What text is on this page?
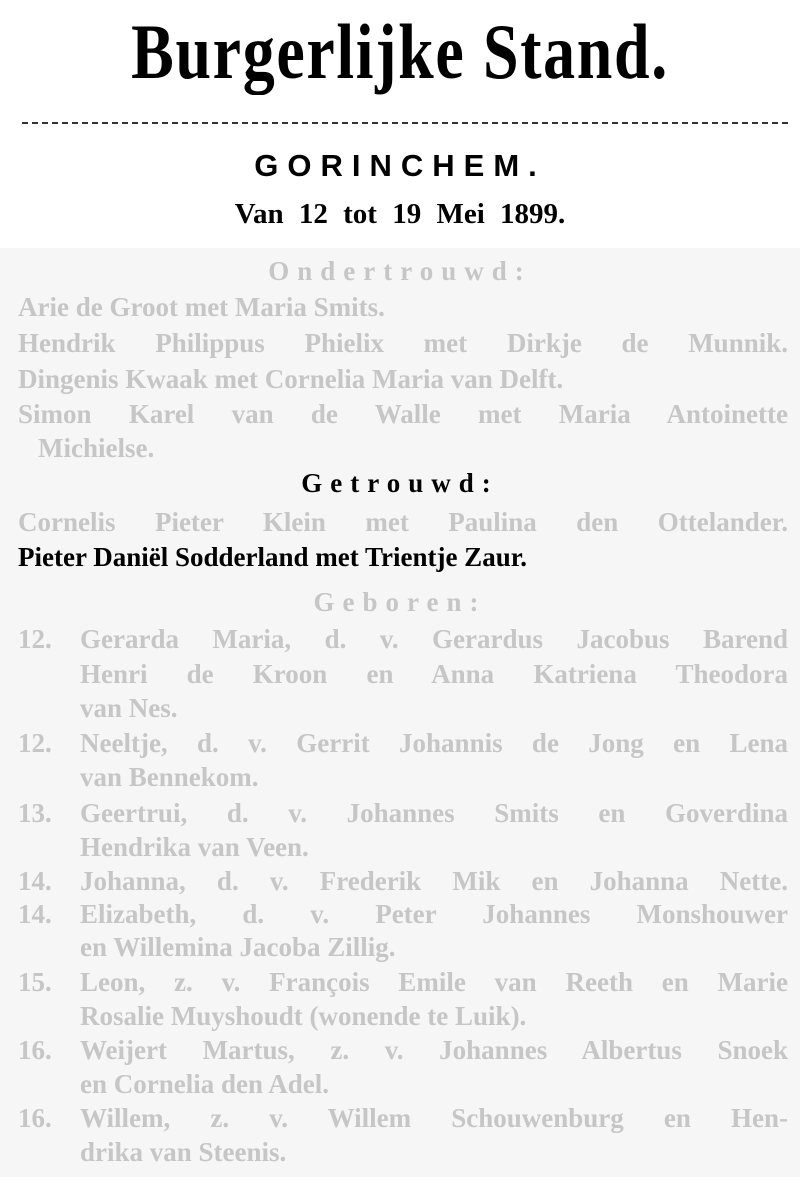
Burgerlijke Stand.
GORINCHEM.
Van 12 tot 19 Mei 1899.
Ondertrouwd:
Arie de Groot met Maria Smits.
Hendrik Philippus Phielix met Dirkje de Munnik.
Dingenis Kwaak met Cornelia Maria van Delft.
Simon Karel van de Walle met Maria Antoinette
Michielse.
Getrouwd:
Cornelis Pieter Klein met Paulina den Ottelander.
Pieter Daniël Sodderland met Trientje Zaur.
Geboren:
12. Gerarda Maria, d. v. Gerardus Jacobus Barend
Henri de Kroon en Anna Katriena Theodora
van Nes.
12. Neeltje, d. v. Gerrit Johannis de Jong en Lena
van Bennekom.
13. Geertrui, d. v. Johannes Smits en Goverdina
Hendrika van Veen.
14. Johanna, d. v. Frederik Mik en Johanna Nette.
14. Elizabeth, d. v. Peter Johannes Monshouwer
en Willemina Jacoba Zillig.
15. Leon, z. v. François Emile van Reeth en Marie
Rosalie Muyshoudt (wonende te Luik).
16. Weijert Martus, z. v. Johannes Albertus Snoek
en Cornelia den Adel.
16. Willem, z. v. Willem Schouwenburg en Hen-
drika van Steenis.
